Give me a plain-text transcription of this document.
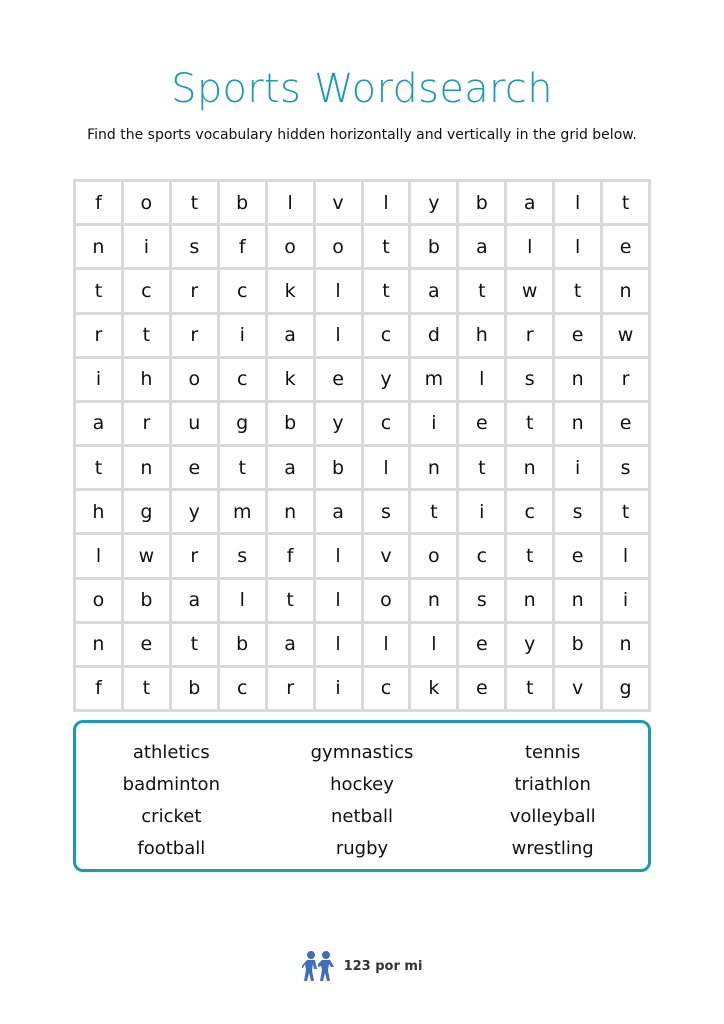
Sports Wordsearch
Find the sports vocabulary hidden horizontally and vertically in the grid below.
f	o	t	b	l	v	l	y	b	a	l	t
n	i	s	f	o	o	t	b	a	l	l	e
t	c	r	c	k	l	t	a	t	w	t	n
r	t	r	i	a	l	c	d	h	r	e	w
i	h	o	c	k	e	y	m	l	s	n	r
a	r	u	g	b	y	c	i	e	t	n	e
t	n	e	t	a	b	l	n	t	n	i	s
h	g	y	m	n	a	s	t	i	c	s	t
l	w	r	s	f	l	v	o	c	t	e	l
o	b	a	l	t	l	o	n	s	n	n	i
n	e	t	b	a	l	l	l	e	y	b	n
f	t	b	c	r	i	c	k	e	t	v	g
athletics
badminton
cricket
football
gymnastics
hockey
netball
rugby
tennis
triathlon
volleyball
wrestling
123 por mi
